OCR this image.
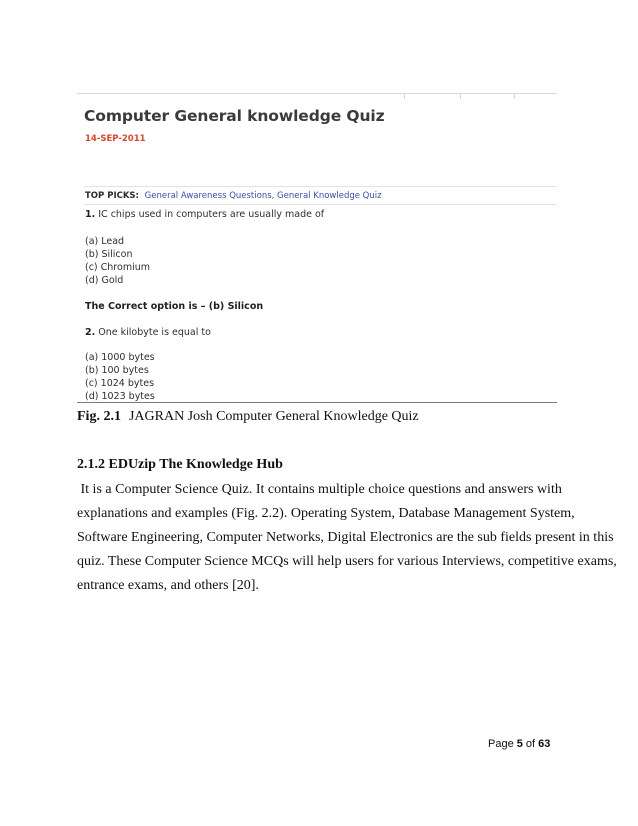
Computer General knowledge Quiz
14-SEP-2011
TOP PICKS: General Awareness Questions, General Knowledge Quiz
1. IC chips used in computers are usually made of
(a) Lead
(b) Silicon
(c) Chromium
(d) Gold
The Correct option is – (b) Silicon
2. One kilobyte is equal to
(a) 1000 bytes
(b) 100 bytes
(c) 1024 bytes
(d) 1023 bytes
Fig. 2.1 JAGRAN Josh Computer General Knowledge Quiz
2.1.2 EDUzip The Knowledge Hub
It is a Computer Science Quiz. It contains multiple choice questions and answers with
explanations and examples (Fig. 2.2). Operating System, Database Management System,
Software Engineering, Computer Networks, Digital Electronics are the sub fields present in this
quiz. These Computer Science MCQs will help users for various Interviews, competitive exams,
entrance exams, and others [20].
Page 5 of 63
